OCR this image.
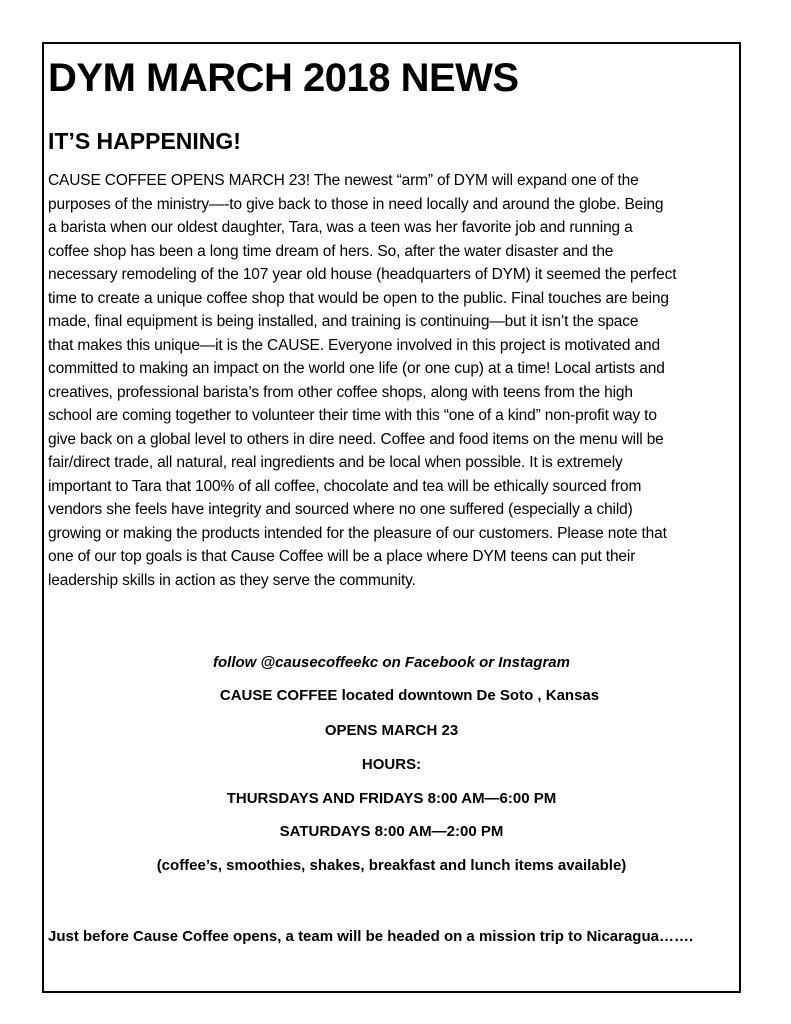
DYM MARCH 2018 NEWS
IT’S HAPPENING!

CAUSE COFFEE OPENS MARCH 23! The newest “arm” of DYM will expand one of the
purposes of the ministry—-to give back to those in need locally and around the globe. Being
a barista when our oldest daughter, Tara, was a teen was her favorite job and running a
coffee shop has been a long time dream of hers. So, after the water disaster and the
necessary remodeling of the 107 year old house (headquarters of DYM) it seemed the perfect
time to create a unique coffee shop that would be open to the public. Final touches are being
made, final equipment is being installed, and training is continuing—but it isn’t the space
that makes this unique—it is the CAUSE. Everyone involved in this project is motivated and
committed to making an impact on the world one life (or one cup) at a time! Local artists and
creatives, professional barista’s from other coffee shops, along with teens from the high
school are coming together to volunteer their time with this “one of a kind” non-profit way to
give back on a global level to others in dire need. Coffee and food items on the menu will be
fair/direct trade, all natural, real ingredients and be local when possible. It is extremely
important to Tara that 100% of all coffee, chocolate and tea will be ethically sourced from
vendors she feels have integrity and sourced where no one suffered (especially a child)
growing or making the products intended for the pleasure of our customers. Please note that
one of our top goals is that Cause Coffee will be a place where DYM teens can put their
leadership skills in action as they serve the community.

follow @causecoffeekc on Facebook or Instagram
CAUSE COFFEE located downtown De Soto , Kansas
OPENS MARCH 23
HOURS:
THURSDAYS AND FRIDAYS 8:00 AM—6:00 PM
SATURDAYS 8:00 AM—2:00 PM
(coffee’s, smoothies, shakes, breakfast and lunch items available)
Just before Cause Coffee opens, a team will be headed on a mission trip to Nicaragua…….
